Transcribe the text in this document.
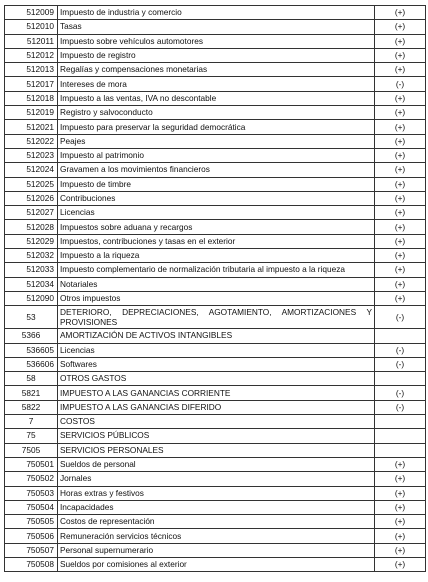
512009	Impuesto de industria y comercio	(+)
512010	Tasas	(+)
512011	Impuesto sobre vehículos automotores	(+)
512012	Impuesto de registro	(+)
512013	Regalías y compensaciones monetarias	(+)
512017	Intereses de mora	(-)
512018	Impuesto a las ventas, IVA no descontable	(+)
512019	Registro y salvoconducto	(+)
512021	Impuesto para preservar la seguridad democrática	(+)
512022	Peajes	(+)
512023	Impuesto al patrimonio	(+)
512024	Gravamen a los movimientos financieros	(+)
512025	Impuesto de timbre	(+)
512026	Contribuciones	(+)
512027	Licencias	(+)
512028	Impuestos sobre aduana y recargos	(+)
512029	Impuestos, contribuciones y tasas en el exterior	(+)
512032	Impuesto a la riqueza	(+)
512033	Impuesto complementario de normalización tributaria al impuesto a la riqueza	(+)
512034	Notariales	(+)
512090	Otros impuestos	(+)
53	DETERIORO, DEPRECIACIONES, AGOTAMIENTO, AMORTIZACIONES Y PROVISIONES	(-)
5366	AMORTIZACIÓN DE ACTIVOS INTANGIBLES	
536605	Licencias	(-)
536606	Softwares	(-)
58	OTROS GASTOS	
5821	IMPUESTO A LAS GANANCIAS CORRIENTE	(-)
5822	IMPUESTO A LAS GANANCIAS DIFERIDO	(-)
7	COSTOS	
75	SERVICIOS PÚBLICOS	
7505	SERVICIOS PERSONALES	
750501	Sueldos de personal	(+)
750502	Jornales	(+)
750503	Horas extras y festivos	(+)
750504	Incapacidades	(+)
750505	Costos de representación	(+)
750506	Remuneración servicios técnicos	(+)
750507	Personal supernumerario	(+)
750508	Sueldos por comisiones al exterior	(+)
